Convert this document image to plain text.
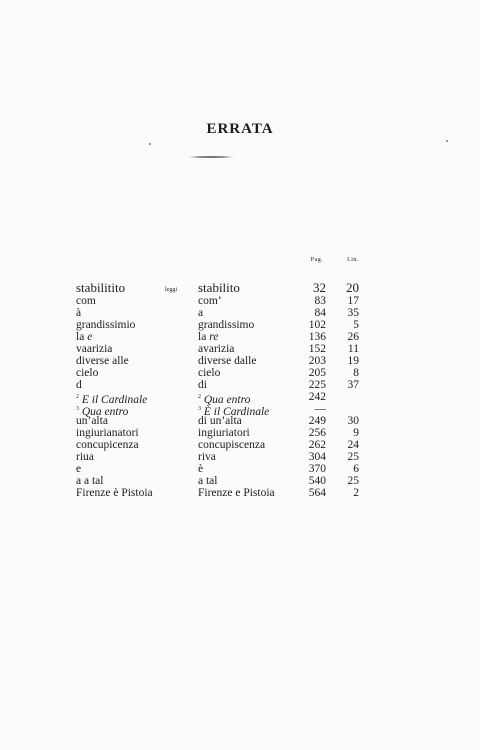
ERRATA
Pag.	Lin.
stabilitito	leggi stabilito	32	20
com	com’	83	17
à	a	84	35
grandissimio	grandissimo	102	5
la e	la re	136	26
vaarizia	avarizia	152	11
diverse alle	diverse dalle	203	19
cielo	cielo	205	8
d	di	225	37
$^2$ E il Cardinale	$^2$ Qua entro	242
$^3$ Qua entro	$^3$ È il Cardinale	—
un’alta	di un’alta	249	30
ingiurianatori	ingiuriatori	256	9
concupicenza	concupiscenza	262	24
riua	riva	304	25
e	è	370	6
a a tal	a tal	540	25
Firenze è Pistoia	Firenze e Pistoia	564	2
